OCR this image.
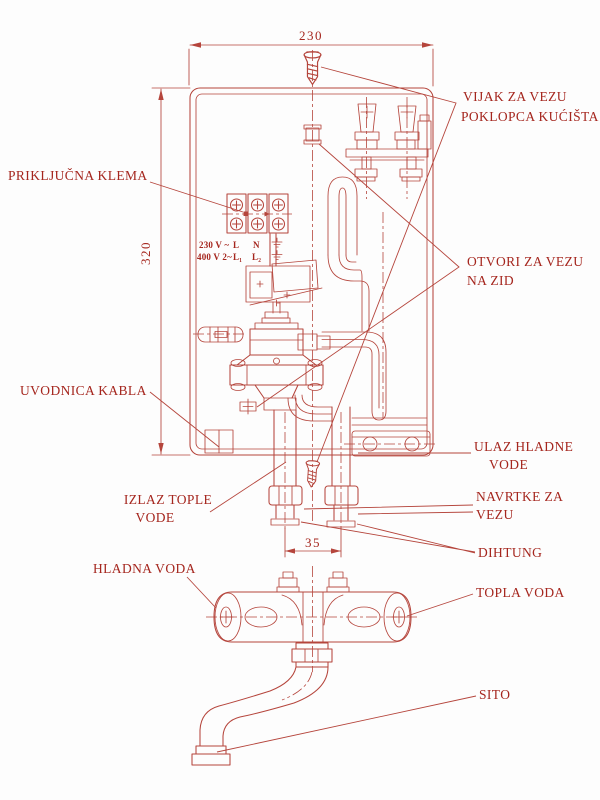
230
320
35
230 V ~ L N
400 V 2~ L₁ L₂
PRIKLJUČNA KLEMA
VIJAK ZA VEZU
POKLOPCA KUĆIŠTA
OTVORI ZA VEZU
NA ZID
UVODNICA KABLA
ULAZ HLADNE
VODE
IZLAZ TOPLE
VODE
NAVRTKE ZA
VEZU
DIHTUNG
HLADNA VODA
TOPLA VODA
SITO
